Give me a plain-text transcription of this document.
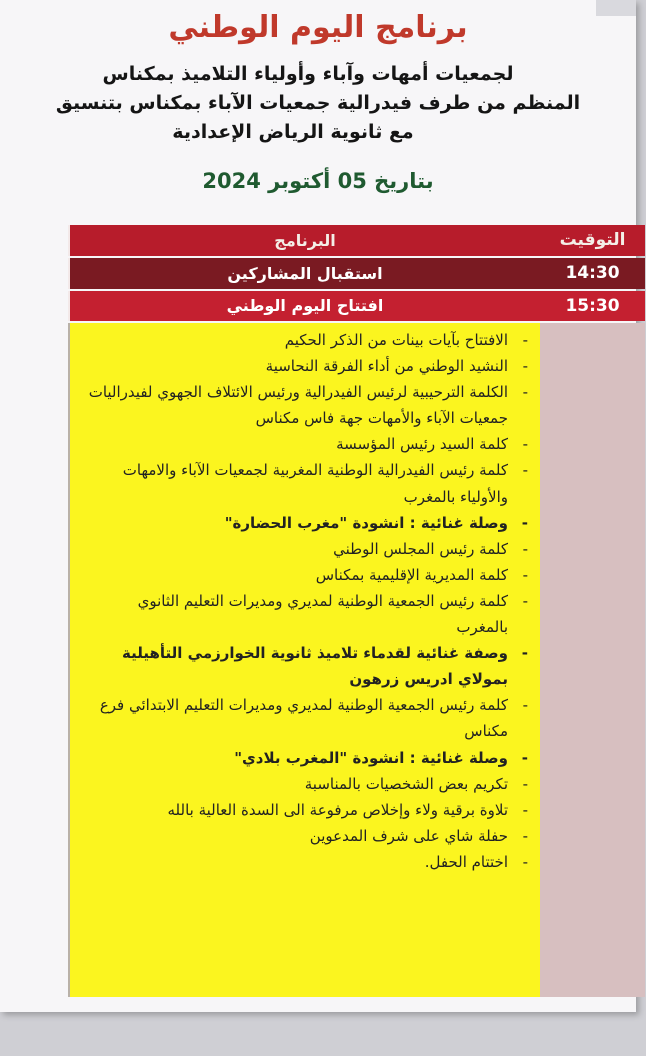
برنامج اليوم الوطني
لجمعيات أمهات وآباء وأولياء التلاميذ بمكناس
المنظم من طرف فيدرالية جمعيات الآباء بمكناس بتنسيق
مع ثانوية الرياض الإعدادية
بتاريخ 05 أكتوبر 2024
التوقيت
البرنامج
14:30
استقبال المشاركين
15:30
افتتاح اليوم الوطني
- الافتتاح بآيات بينات من الذكر الحكيم
- النشيد الوطني من أداء الفرقة النحاسية
- الكلمة الترحيبية لرئيس الفيدرالية ورئيس الائتلاف الجهوي لفيدراليات جمعيات الآباء والأمهات جهة فاس مكناس
- كلمة السيد رئيس المؤسسة
- كلمة رئيس الفيدرالية الوطنية المغربية لجمعيات الآباء والامهات والأولياء بالمغرب
- وصلة غنائية : انشودة "مغرب الحضارة"
- كلمة رئيس المجلس الوطني
- كلمة المديرية الإقليمية بمكناس
- كلمة رئيس الجمعية الوطنية لمديري ومديرات التعليم الثانوي بالمغرب
- وصفة غنائية لقدماء تلاميذ ثانوية الخوارزمي التأهيلية بمولاي ادريس زرهون
- كلمة رئيس الجمعية الوطنية لمديري ومديرات التعليم الابتدائي فرع مكناس
- وصلة غنائية : انشودة "المغرب بلادي"
- تكريم بعض الشخصيات بالمناسبة
- تلاوة برقية ولاء وإخلاص مرفوعة الى السدة العالية بالله
- حفلة شاي على شرف المدعوين
- اختتام الحفل.
